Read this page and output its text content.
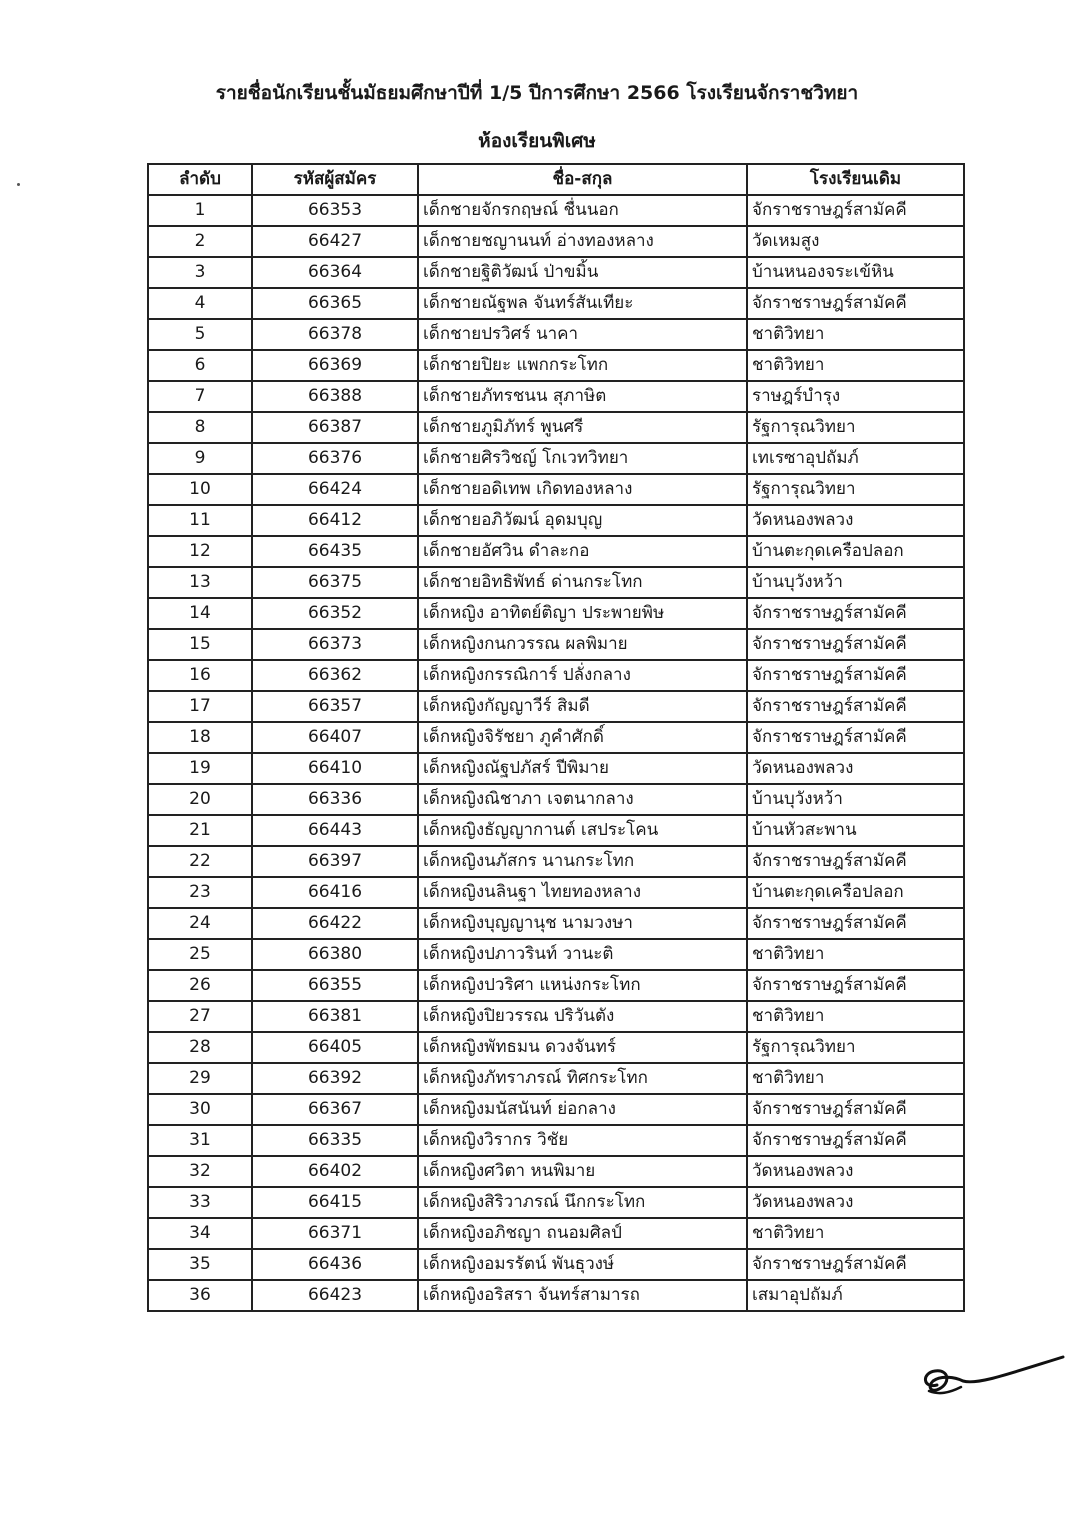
รายชื่อนักเรียนชั้นมัธยมศึกษาปีที่ 1/5 ปีการศึกษา 2566 โรงเรียนจักราชวิทยา
ห้องเรียนพิเศษ
ลำดับ	รหัสผู้สมัคร	ชื่อ-สกุล	โรงเรียนเดิม
1	66353	เด็กชายจักรกฤษณ์ ชื่นนอก	จักราชราษฎร์สามัคคี
2	66427	เด็กชายชญานนท์ อ่างทองหลาง	วัดเหมสูง
3	66364	เด็กชายฐิติวัฒน์ ป่าขมิ้น	บ้านหนองจระเข้หิน
4	66365	เด็กชายณัฐพล จันทร์สันเทียะ	จักราชราษฎร์สามัคคี
5	66378	เด็กชายปรวิศร์ นาคา	ชาติวิทยา
6	66369	เด็กชายปิยะ แพกกระโทก	ชาติวิทยา
7	66388	เด็กชายภัทรชนน สุภาษิต	ราษฎร์บำรุง
8	66387	เด็กชายภูมิภัทร์ พูนศรี	รัฐการุณวิทยา
9	66376	เด็กชายศิรวิชญ์ โกเวทวิทยา	เทเรซาอุปถัมภ์
10	66424	เด็กชายอดิเทพ เกิดทองหลาง	รัฐการุณวิทยา
11	66412	เด็กชายอภิวัฒน์ อุดมบุญ	วัดหนองพลวง
12	66435	เด็กชายอัศวิน ดำละกอ	บ้านตะกุดเครือปลอก
13	66375	เด็กชายอิทธิพัทธ์ ด่านกระโทก	บ้านบุวังหว้า
14	66352	เด็กหญิง อาทิตย์ติญา ประพายพิษ	จักราชราษฎร์สามัคคี
15	66373	เด็กหญิงกนกวรรณ ผลพิมาย	จักราชราษฎร์สามัคคี
16	66362	เด็กหญิงกรรณิการ์ ปลั่งกลาง	จักราชราษฎร์สามัคคี
17	66357	เด็กหญิงกัญญาวีร์ สิมดี	จักราชราษฎร์สามัคคี
18	66407	เด็กหญิงจิรัชยา ภูคำศักดิ์	จักราชราษฎร์สามัคคี
19	66410	เด็กหญิงณัฐปภัสร์ ปีพิมาย	วัดหนองพลวง
20	66336	เด็กหญิงณิชาภา เจตนากลาง	บ้านบุวังหว้า
21	66443	เด็กหญิงธัญญากานต์ เสประโคน	บ้านหัวสะพาน
22	66397	เด็กหญิงนภัสกร นานกระโทก	จักราชราษฎร์สามัคคี
23	66416	เด็กหญิงนลินฐา ไทยทองหลาง	บ้านตะกุดเครือปลอก
24	66422	เด็กหญิงบุญญานุช นามวงษา	จักราชราษฎร์สามัคคี
25	66380	เด็กหญิงปภาวรินท์ วานะติ	ชาติวิทยา
26	66355	เด็กหญิงปวริศา แหน่งกระโทก	จักราชราษฎร์สามัคคี
27	66381	เด็กหญิงปิยวรรณ ปริวันตัง	ชาติวิทยา
28	66405	เด็กหญิงพัทธมน ดวงจันทร์	รัฐการุณวิทยา
29	66392	เด็กหญิงภัทราภรณ์ ทิศกระโทก	ชาติวิทยา
30	66367	เด็กหญิงมนัสนันท์ ย่อกลาง	จักราชราษฎร์สามัคคี
31	66335	เด็กหญิงวิรากร วิชัย	จักราชราษฎร์สามัคคี
32	66402	เด็กหญิงศวิตา หนพิมาย	วัดหนองพลวง
33	66415	เด็กหญิงสิริวาภรณ์ นึกกระโทก	วัดหนองพลวง
34	66371	เด็กหญิงอภิชญา ถนอมศิลป์	ชาติวิทยา
35	66436	เด็กหญิงอมรรัตน์ พันธุวงษ์	จักราชราษฎร์สามัคคี
36	66423	เด็กหญิงอริสรา จันทร์สามารถ	เสมาอุปถัมภ์
